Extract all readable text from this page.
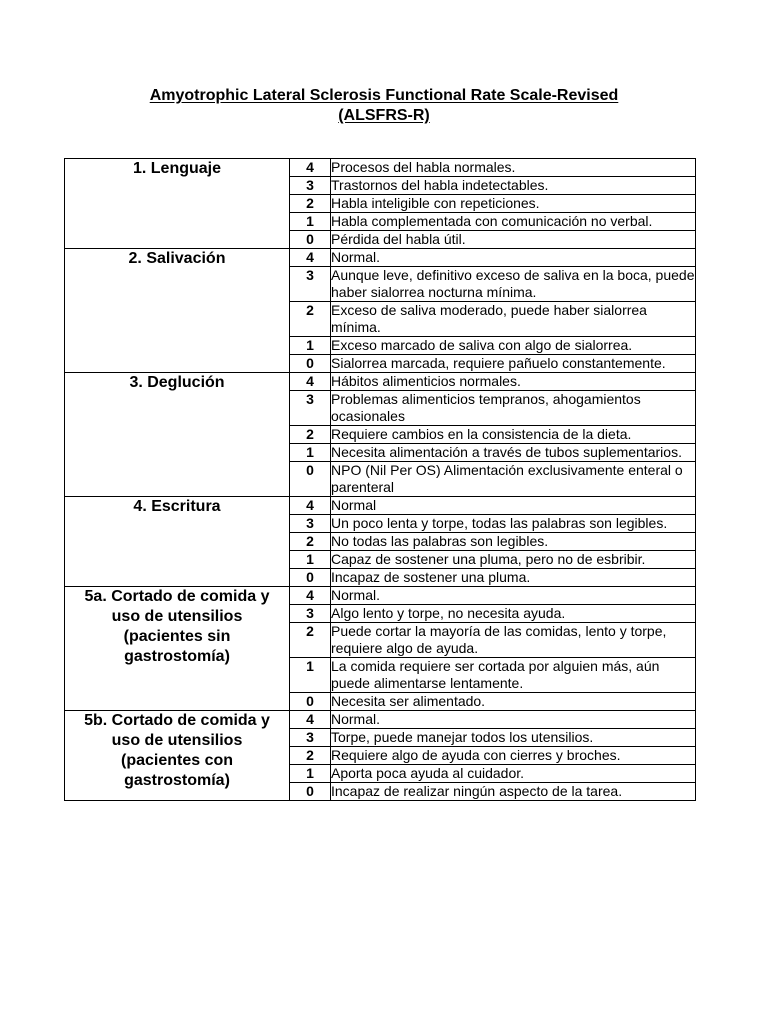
Amyotrophic Lateral Sclerosis Functional Rate Scale-Revised
(ALSFRS-R)
1. Lenguaje	4	Procesos del habla normales.
	3	Trastornos del habla indetectables.
	2	Habla inteligible con repeticiones.
	1	Habla complementada con comunicación no verbal.
	0	Pérdida del habla útil.

2. Salivación	4	Normal.
	3	Aunque leve, definitivo exceso de saliva en la boca, puede haber sialorrea nocturna mínima.
	2	Exceso de saliva moderado, puede haber sialorrea mínima.
	1	Exceso marcado de saliva con algo de sialorrea.
	0	Sialorrea marcada, requiere pañuelo constantemente.

3. Deglución	4	Hábitos alimenticios normales.
	3	Problemas alimenticios tempranos, ahogamientos ocasionales
	2	Requiere cambios en la consistencia de la dieta.
	1	Necesita alimentación a través de tubos suplementarios.
	0	NPO (Nil Per OS) Alimentación exclusivamente enteral o parenteral

4. Escritura	4	Normal
	3	Un poco lenta y torpe, todas las palabras son legibles.
	2	No todas las palabras son legibles.
	1	Capaz de sostener una pluma, pero no de esbribir.
	0	Incapaz de sostener una pluma.

5a. Cortado de comida y
uso de utensilios
(pacientes sin
gastrostomía)	4	Normal.
	3	Algo lento y torpe, no necesita ayuda.
	2	Puede cortar la mayoría de las comidas, lento y torpe, requiere algo de ayuda.
	1	La comida requiere ser cortada por alguien más, aún puede alimentarse lentamente.
	0	Necesita ser alimentado.

5b. Cortado de comida y
uso de utensilios
(pacientes con
gastrostomía)	4	Normal.
	3	Torpe, puede manejar todos los utensilios.
	2	Requiere algo de ayuda con cierres y broches.
	1	Aporta poca ayuda al cuidador.
	0	Incapaz de realizar ningún aspecto de la tarea.
